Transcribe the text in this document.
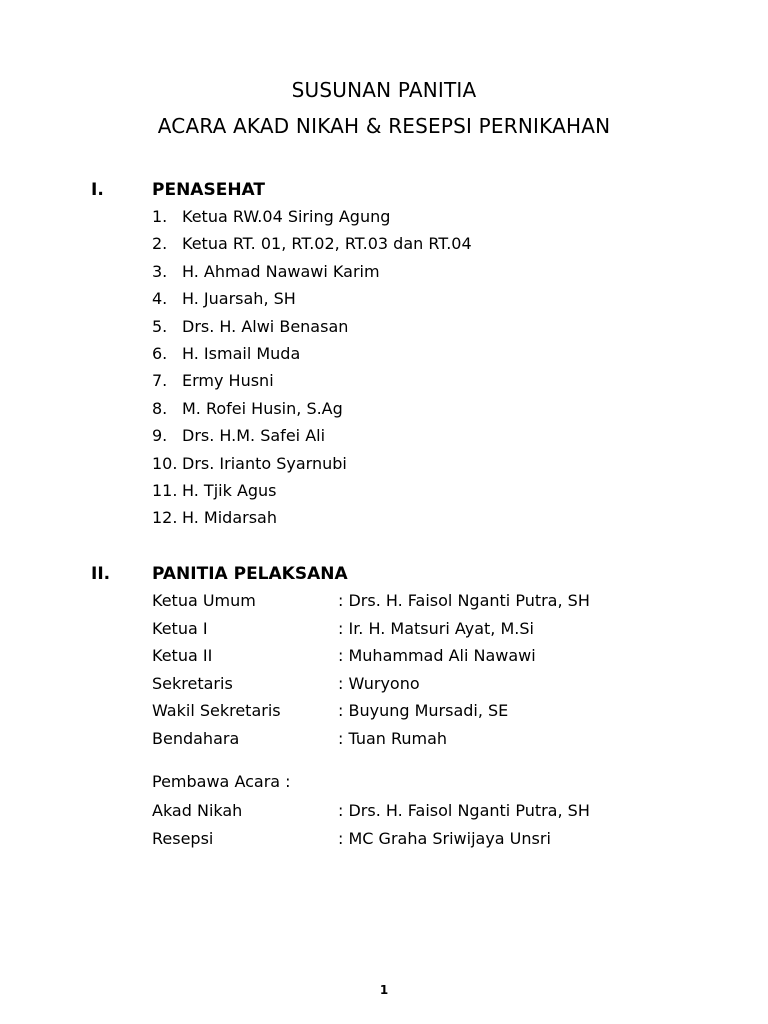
SUSUNAN PANITIA
ACARA AKAD NIKAH & RESEPSI PERNIKAHAN
I.	PENASEHAT
1. Ketua RW.04 Siring Agung
2. Ketua RT. 01, RT.02, RT.03 dan RT.04
3. H. Ahmad Nawawi Karim
4. H. Juarsah, SH
5. Drs. H. Alwi Benasan
6. H. Ismail Muda
7. Ermy Husni
8. M. Rofei Husin, S.Ag
9. Drs. H.M. Safei Ali
10. Drs. Irianto Syarnubi
11. H. Tjik Agus
12. H. Midarsah
II. PANITIA PELAKSANA
Ketua Umum	: Drs. H. Faisol Nganti Putra, SH
Ketua I	: Ir. H. Matsuri Ayat, M.Si
Ketua II	: Muhammad Ali Nawawi
Sekretaris	: Wuryono
Wakil Sekretaris	: Buyung Mursadi, SE
Bendahara	: Tuan Rumah
Pembawa Acara :
Akad Nikah	: Drs. H. Faisol Nganti Putra, SH
Resepsi	: MC Graha Sriwijaya Unsri
1
